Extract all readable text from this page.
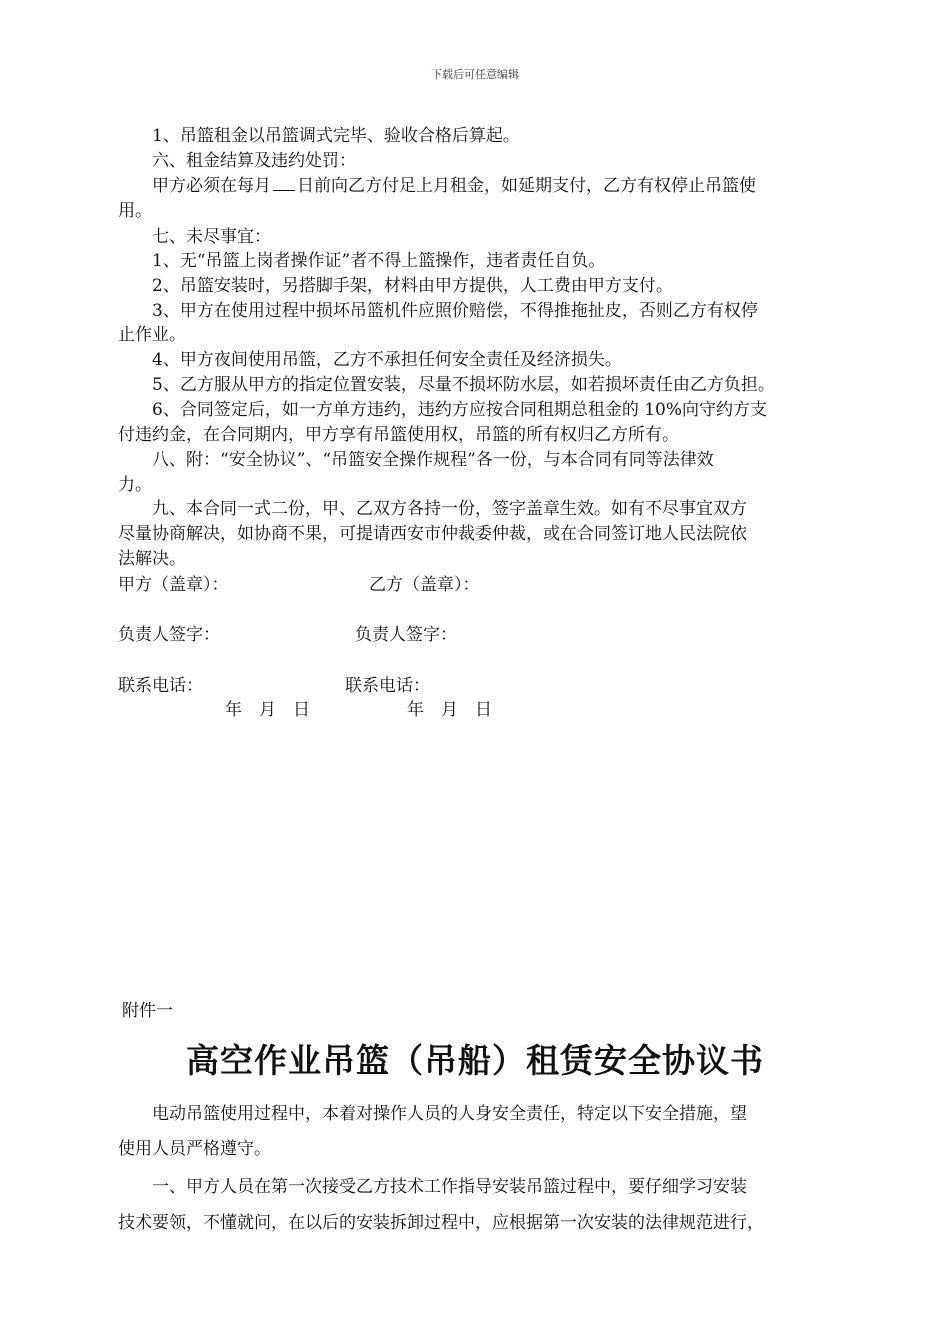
下载后可任意编辑
　　1、吊篮租金以吊篮调式完毕、验收合格后算起。
　　六、租金结算及违约处罚：
　　甲方必须在每月 日前向乙方付足上月租金，如延期支付，乙方有权停止吊篮使
用。
　　七、未尽事宜：
　　1、无“吊篮上岗者操作证”者不得上篮操作，违者责任自负。
　　2、吊篮安装时，另搭脚手架，材料由甲方提供，人工费由甲方支付。
　　3、甲方在使用过程中损坏吊篮机件应照价赔偿，不得推拖扯皮，否则乙方有权停
止作业。
　　4、甲方夜间使用吊篮，乙方不承担任何安全责任及经济损失。
　　5、乙方服从甲方的指定位置安装，尽量不损坏防水层，如若损坏责任由乙方负担。
　　6、合同签定后，如一方单方违约，违约方应按合同租期总租金的 10%向守约方支
付违约金，在合同期内，甲方享有吊篮使用权，吊篮的所有权归乙方所有。
　　八、附：“安全协议”、“吊篮安全操作规程”各一份，与本合同有同等法律效
力。
　　九、本合同一式二份，甲、乙双方各持一份，签字盖章生效。如有不尽事宜双方
尽量协商解决，如协商不果，可提请西安市仲裁委仲裁，或在合同签订地人民法院依
法解决。
甲方（盖章）：	乙方（盖章）：
负责人签字：	负责人签字：
联系电话：	联系电话：
年　月　日	年　月　日
附件一
高空作业吊篮（吊船）租赁安全协议书
　　电动吊篮使用过程中，本着对操作人员的人身安全责任，特定以下安全措施，望
使用人员严格遵守。
　　一、甲方人员在第一次接受乙方技术工作指导安装吊篮过程中，要仔细学习安装
技术要领，不懂就问，在以后的安装拆卸过程中，应根据第一次安装的法律规范进行，
